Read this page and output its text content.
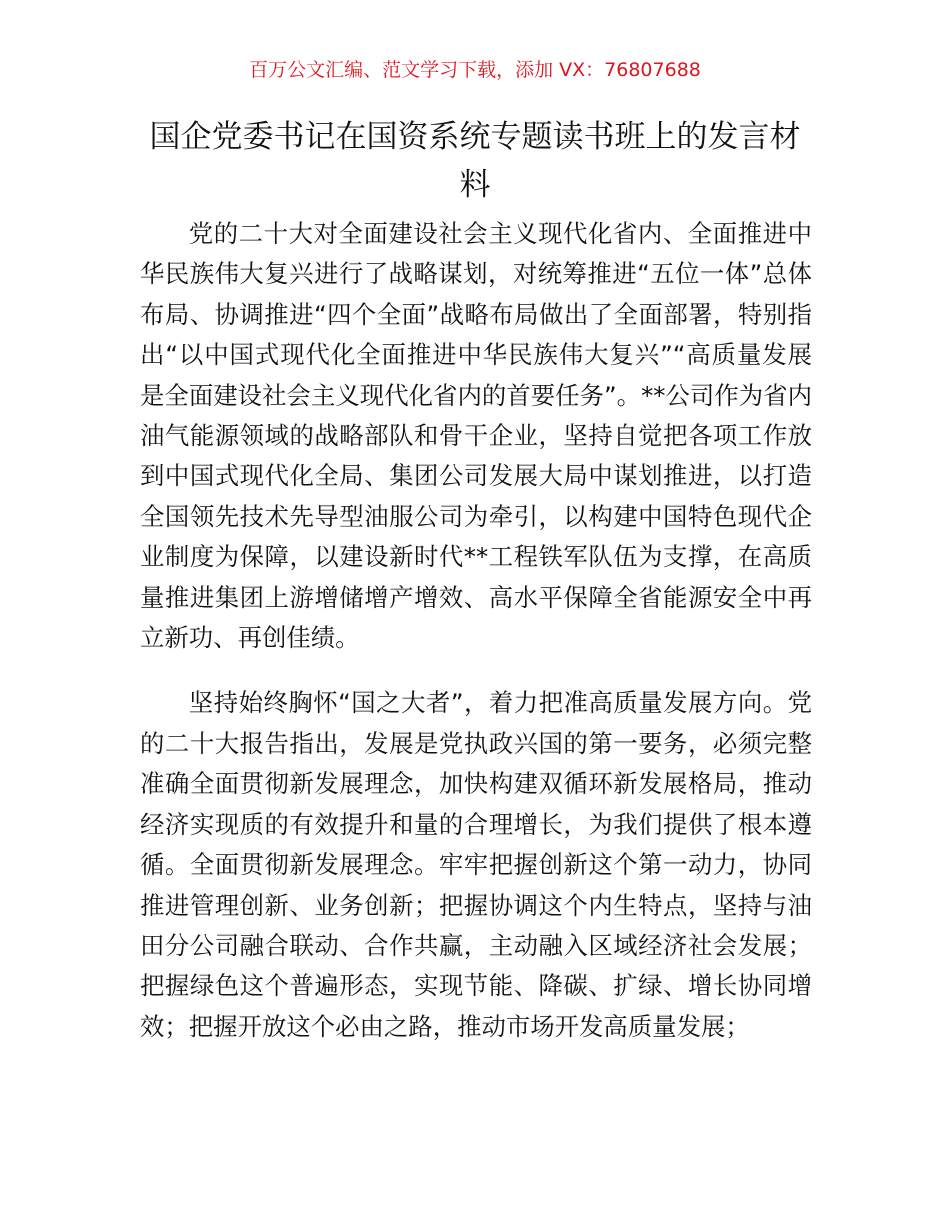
百万公文汇编、范文学习下载，添加 VX：76807688
国企党委书记在国资系统专题读书班上的发言材料

党的二十大对全面建设社会主义现代化省内、全面推进中华民族伟大复兴进行了战略谋划，对统筹推进“五位一体”总体布局、协调推进“四个全面”战略布局做出了全面部署，特别指出“以中国式现代化全面推进中华民族伟大复兴”“高质量发展是全面建设社会主义现代化省内的首要任务”。**公司作为省内油气能源领域的战略部队和骨干企业，坚持自觉把各项工作放到中国式现代化全局、集团公司发展大局中谋划推进，以打造全国领先技术先导型油服公司为牵引，以构建中国特色现代企业制度为保障，以建设新时代**工程铁军队伍为支撑，在高质量推进集团上游增储增产增效、高水平保障全省能源安全中再立新功、再创佳绩。

坚持始终胸怀“国之大者”，着力把准高质量发展方向。党的二十大报告指出，发展是党执政兴国的第一要务，必须完整准确全面贯彻新发展理念，加快构建双循环新发展格局，推动经济实现质的有效提升和量的合理增长，为我们提供了根本遵循。全面贯彻新发展理念。牢牢把握创新这个第一动力，协同推进管理创新、业务创新；把握协调这个内生特点，坚持与油田分公司融合联动、合作共赢，主动融入区域经济社会发展；把握绿色这个普遍形态，实现节能、降碳、扩绿、增长协同增效；把握开放这个必由之路，推动市场开发高质量发展；
